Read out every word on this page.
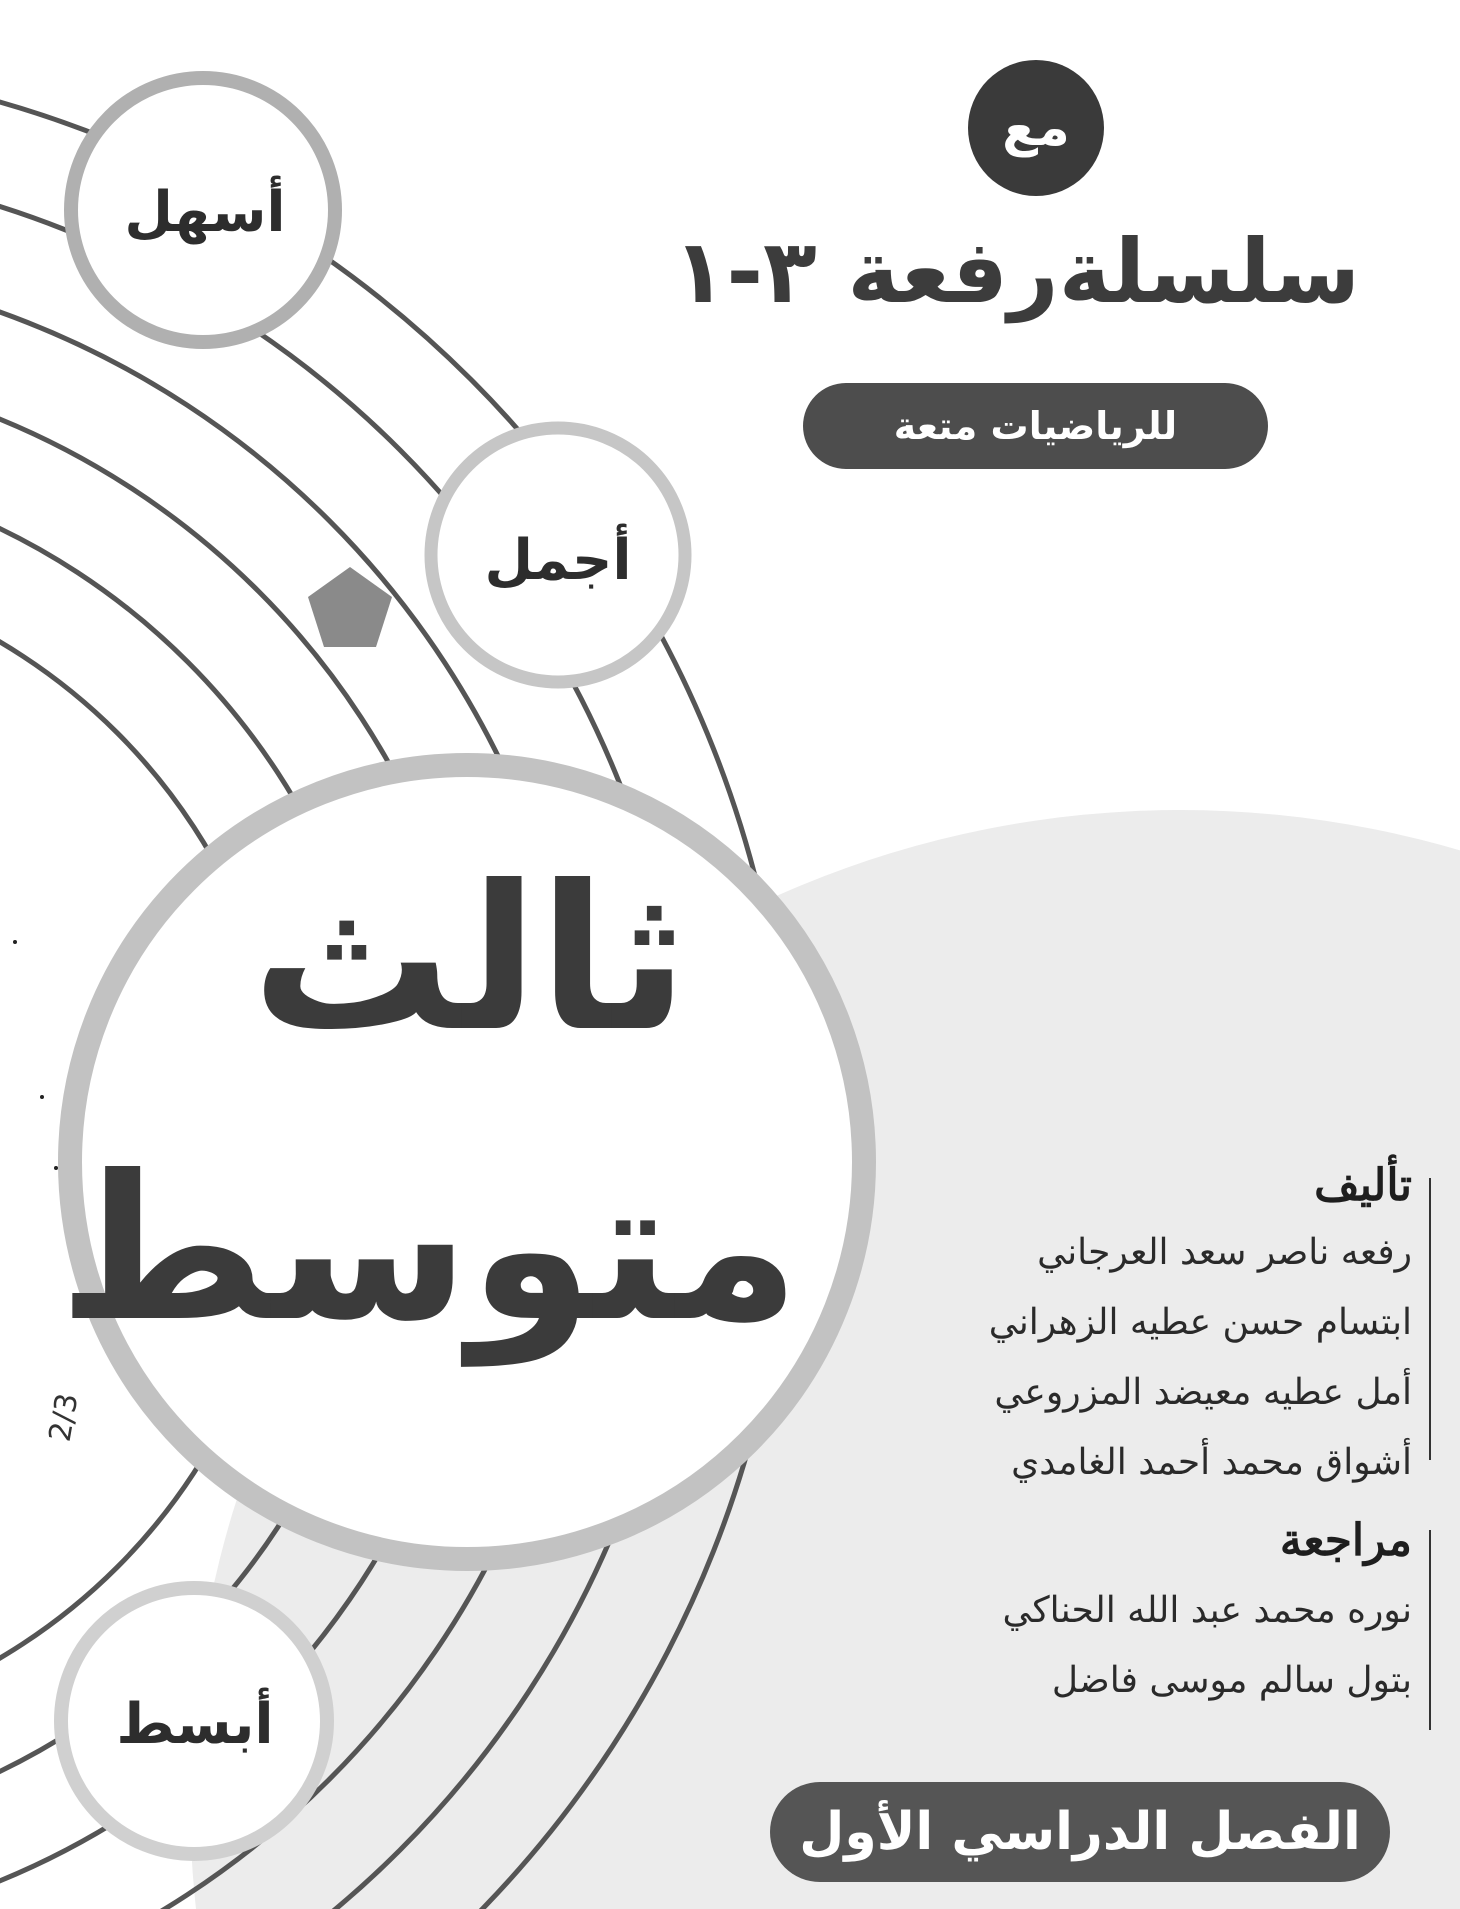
مع
سلسلةرفعة ٣-١
للرياضيات متعة
أسهل
أجمل
أبسط
ثالث
متوسط
2/3
تأليف
رفعه ناصر سعد العرجاني
ابتسام حسن عطيه الزهراني
أمل عطيه معيضد المزروعي
أشواق محمد أحمد الغامدي
مراجعة
نوره محمد عبد الله الحناكي
بتول سالم موسى فاضل
الفصل الدراسي الأول
